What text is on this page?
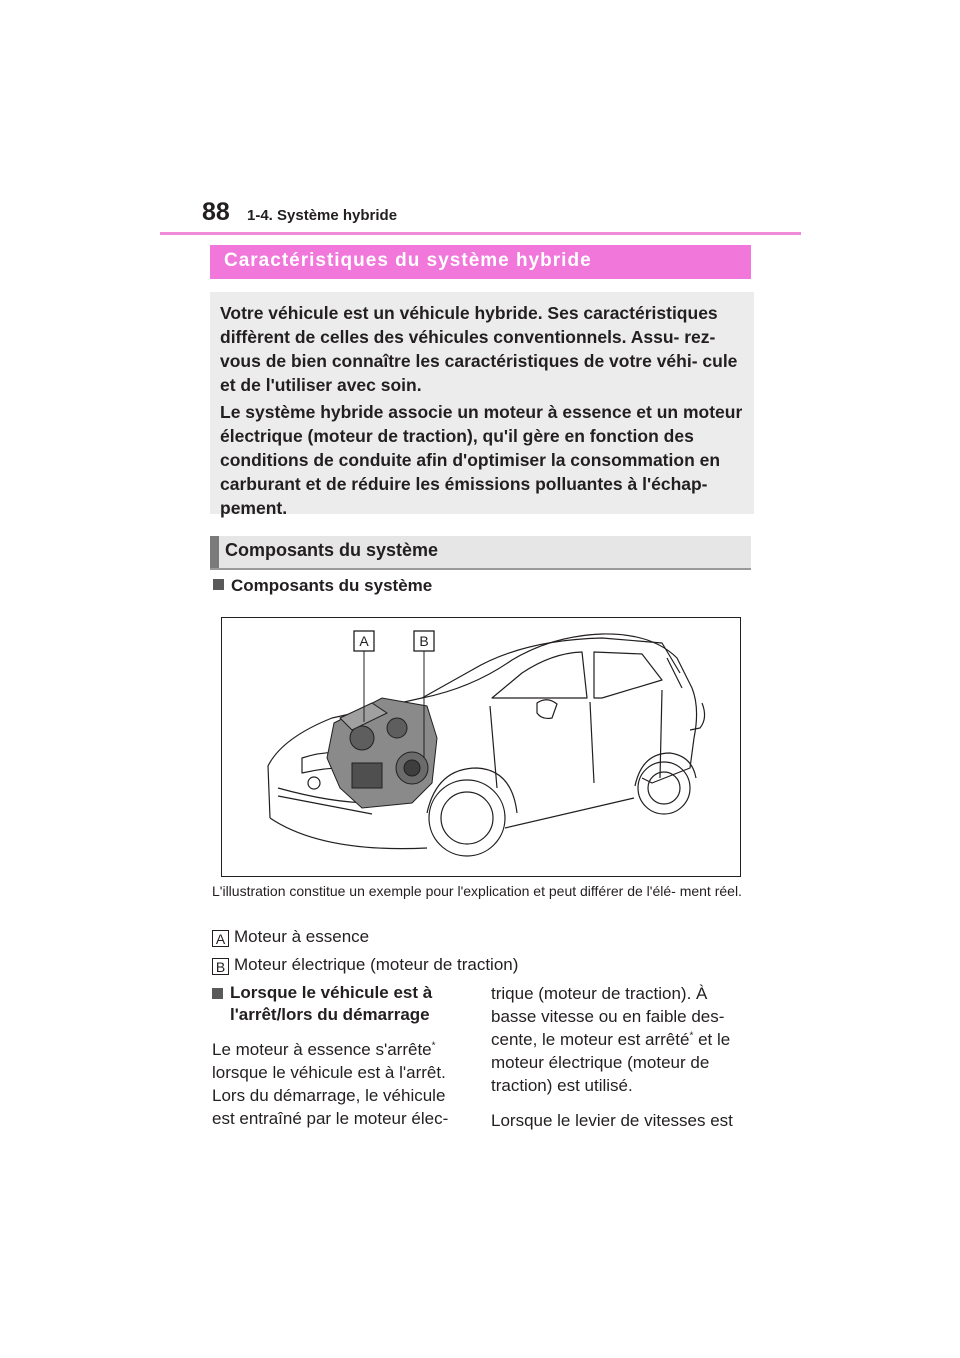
88 1-4. Système hybride
Caractéristiques du système hybride
Votre véhicule est un véhicule hybride. Ses caractéristiques diffèrent de celles des véhicules conventionnels. Assu- rez-vous de bien connaître les caractéristiques de votre véhi- cule et de l'utiliser avec soin.
Le système hybride associe un moteur à essence et un moteur électrique (moteur de traction), qu'il gère en fonction des conditions de conduite afin d'optimiser la consommation en carburant et de réduire les émissions polluantes à l'échap- pement.
Composants du système
Composants du système
A	B
L'illustration constitue un exemple pour l'explication et peut différer de l'élé- ment réel.
A Moteur à essence
B Moteur électrique (moteur de traction)
Lorsque le véhicule est à l'arrêt/lors du démarrage
Le moteur à essence s'arrête* lorsque le véhicule est à l'arrêt. Lors du démarrage, le véhicule est entraîné par le moteur élec-
trique (moteur de traction). À basse vitesse ou en faible des- cente, le moteur est arrêté* et le moteur électrique (moteur de traction) est utilisé.
Lorsque le levier de vitesses est
